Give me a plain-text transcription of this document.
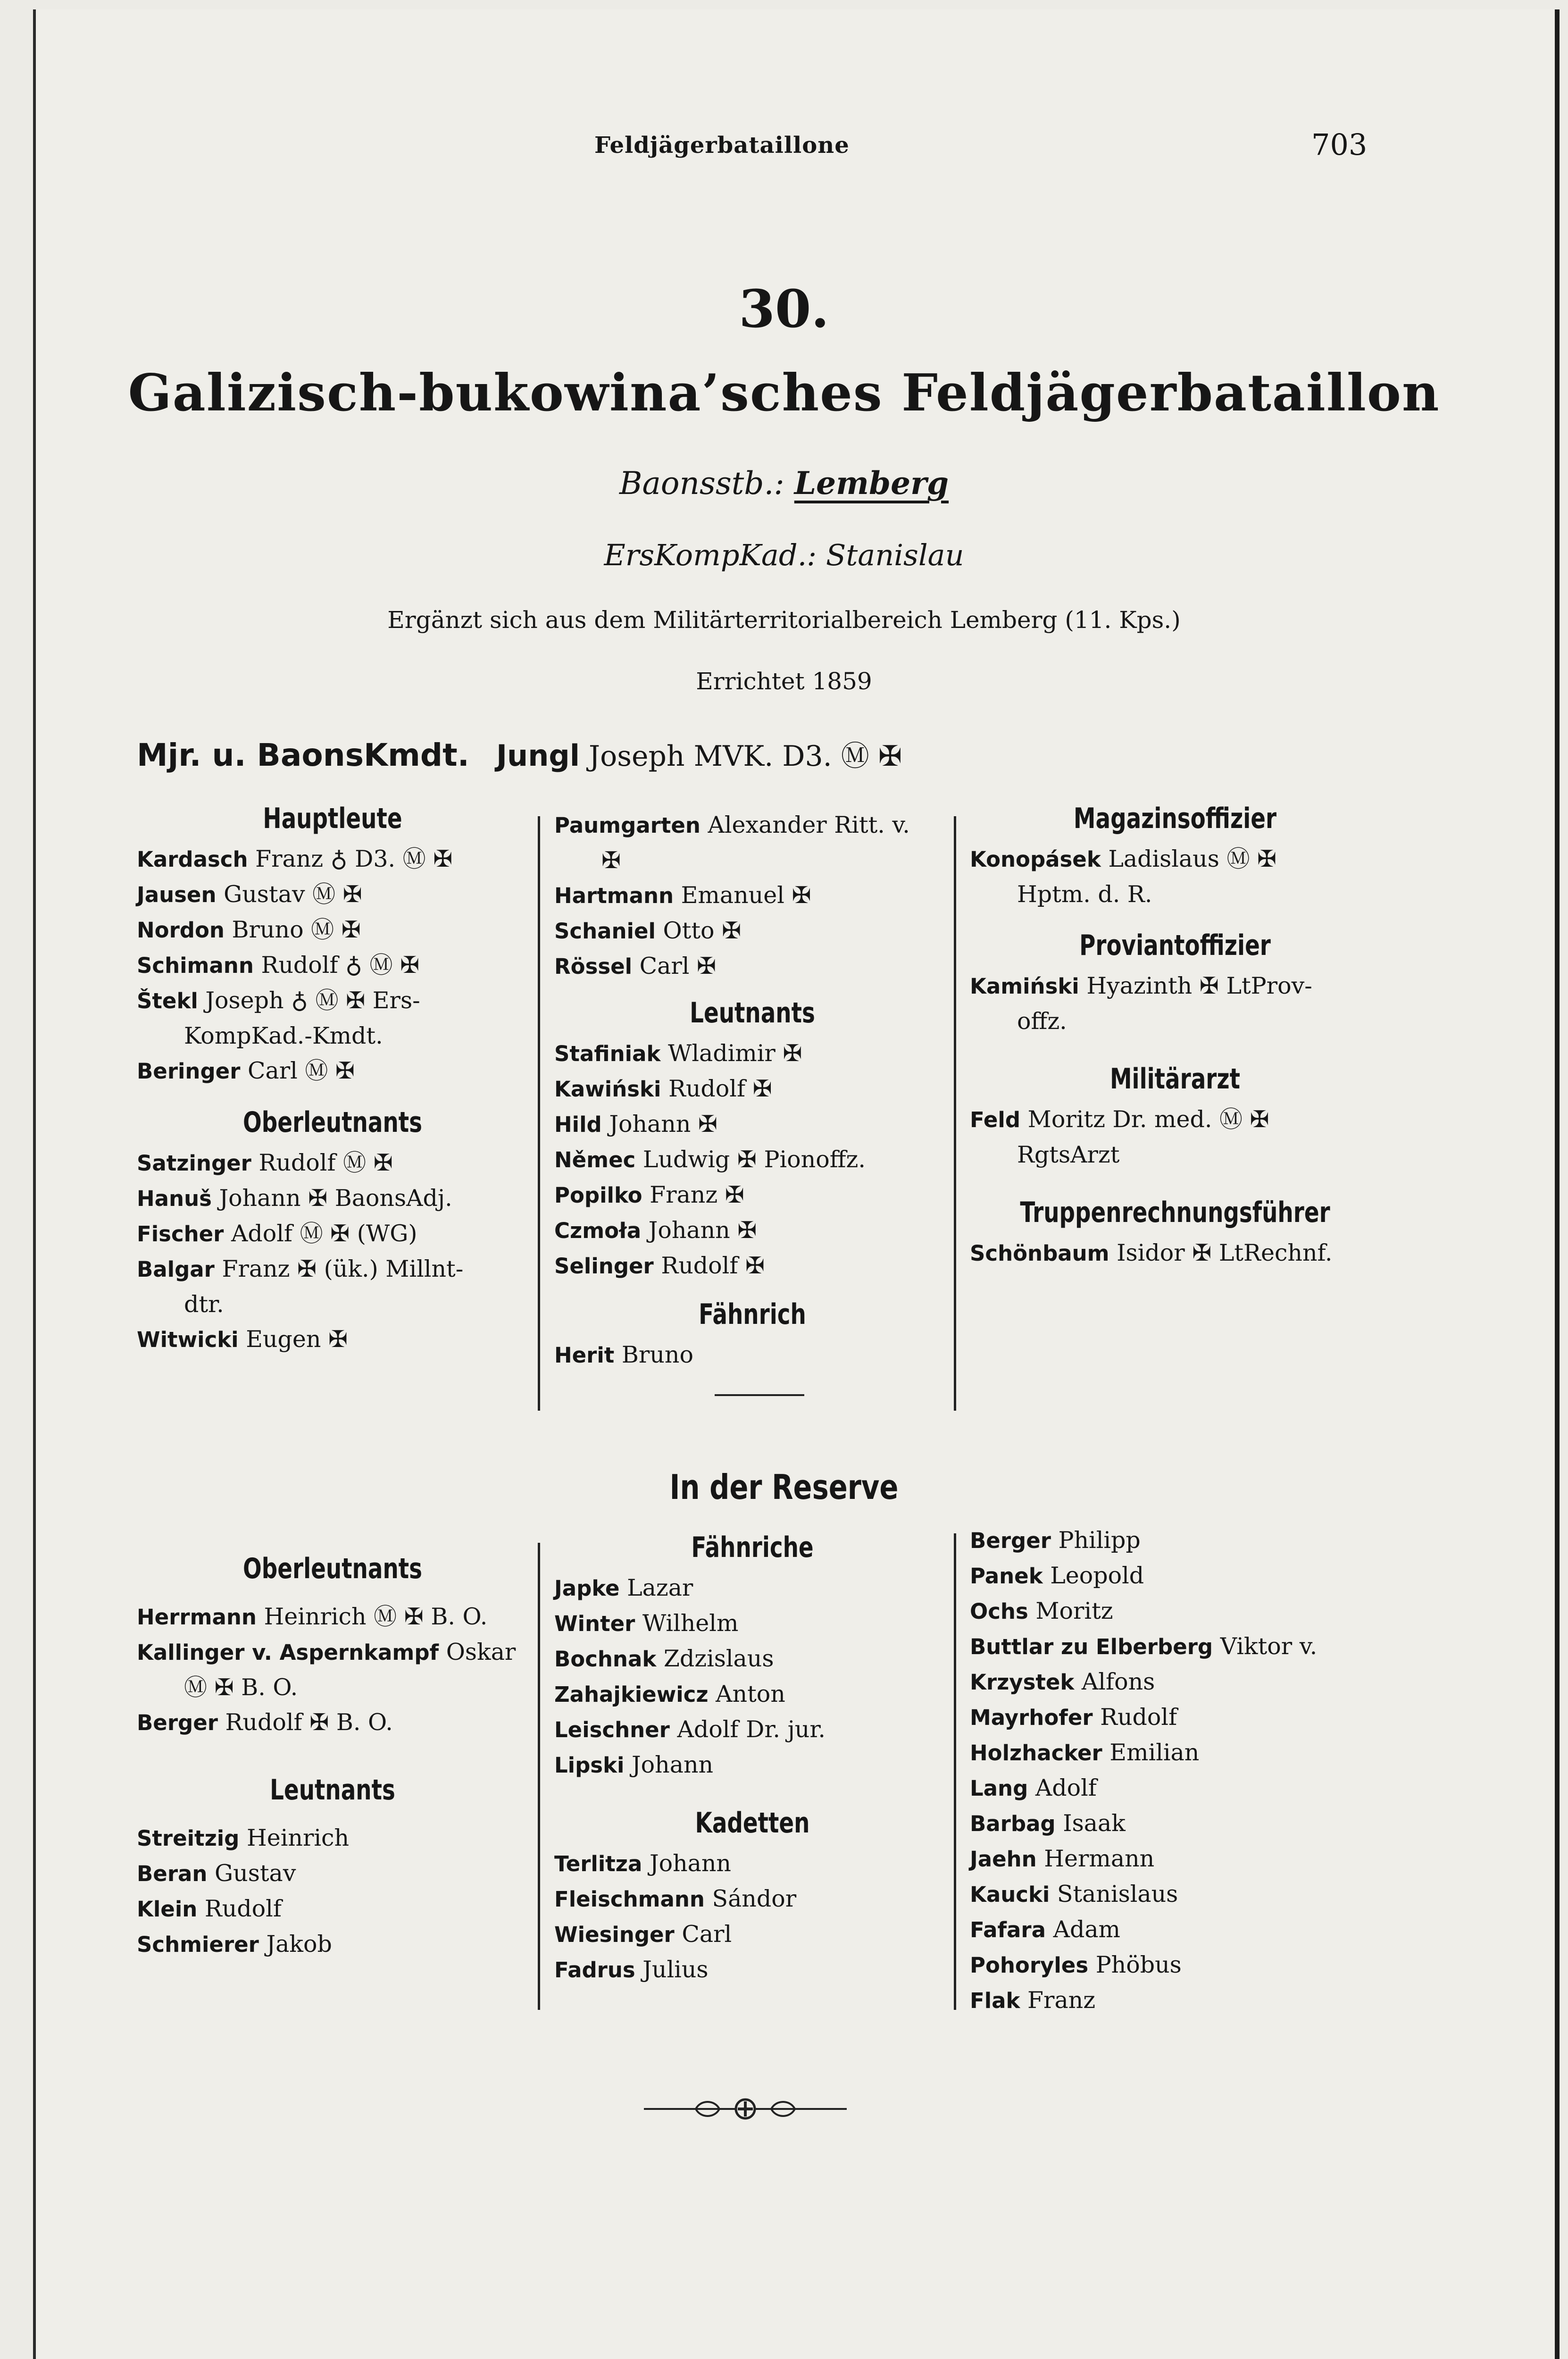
Feldjägerbataillone	703
30.
Galizisch-bukowina’sches Feldjägerbataillon
Baonsstb.: Lemberg
ErsKompKad.: Stanislau
Ergänzt sich aus dem Militärterritorialbereich Lemberg (11. Kps.)
Errichtet 1859
Mjr. u. BaonsKmdt. Jungl Joseph MVK. D3. Ⓜ ✠
Hauptleute
Kardasch Franz ♁ D3. Ⓜ ✠
Jausen Gustav Ⓜ ✠
Nordon Bruno Ⓜ ✠
Schimann Rudolf ♁ Ⓜ ✠
Štekl Joseph ♁ Ⓜ ✠ Ers-
KompKad.-Kmdt.
Beringer Carl Ⓜ ✠
Oberleutnants
Satzinger Rudolf Ⓜ ✠
Hanuš Johann ✠ BaonsAdj.
Fischer Adolf Ⓜ ✠ (WG)
Balgar Franz ✠ (ük.) Millnt-
dtr.
Witwicki Eugen ✠
Paumgarten Alexander Ritt. v.
✠
Hartmann Emanuel ✠
Schaniel Otto ✠
Rössel Carl ✠
Leutnants
Stafiniak Wladimir ✠
Kawiński Rudolf ✠
Hild Johann ✠
Němec Ludwig ✠ Pionoffz.
Popilko Franz ✠
Czmoła Johann ✠
Selinger Rudolf ✠
Fähnrich
Herit Bruno
Magazinsoffizier
Konopásek Ladislaus Ⓜ ✠
Hptm. d. R.
Proviantoffizier
Kamiński Hyazinth ✠ LtProv-
offz.
Militärarzt
Feld Moritz Dr. med. Ⓜ ✠
RgtsArzt
Truppenrechnungsführer
Schönbaum Isidor ✠ LtRechnf.
In der Reserve
Oberleutnants
Herrmann Heinrich Ⓜ ✠ B. O.
Kallinger v. Aspernkampf Oskar
Ⓜ ✠ B. O.
Berger Rudolf ✠ B. O.
Leutnants
Streitzig Heinrich
Beran Gustav
Klein Rudolf
Schmierer Jakob
Fähnriche
Japke Lazar
Winter Wilhelm
Bochnak Zdzislaus
Zahajkiewicz Anton
Leischner Adolf Dr. jur.
Lipski Johann
Kadetten
Terlitza Johann
Fleischmann Sándor
Wiesinger Carl
Fadrus Julius
Berger Philipp
Panek Leopold
Ochs Moritz
Buttlar zu Elberberg Viktor v.
Krzystek Alfons
Mayrhofer Rudolf
Holzhacker Emilian
Lang Adolf
Barbag Isaak
Jaehn Hermann
Kaucki Stanislaus
Fafara Adam
Pohoryles Phöbus
Flak Franz
